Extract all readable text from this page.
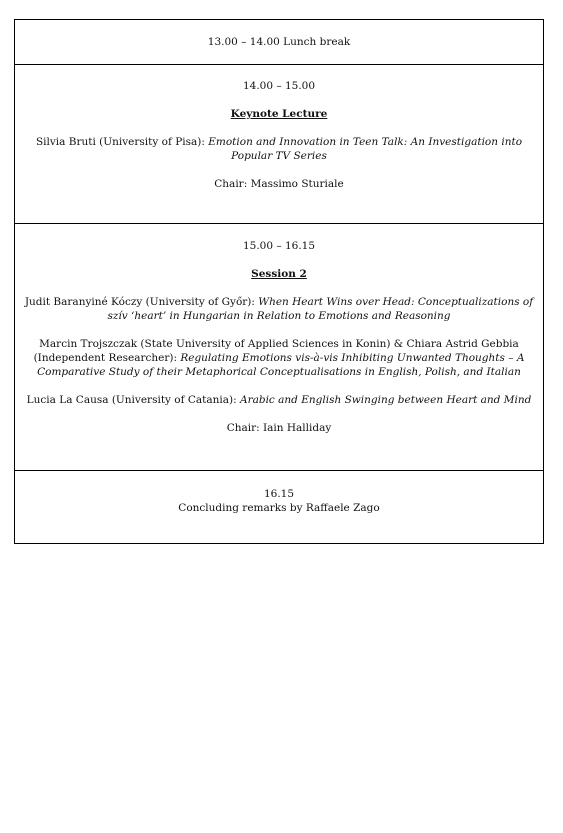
13.00 – 14.00 Lunch break

14.00 – 15.00

Keynote Lecture

Silvia Bruti (University of Pisa): Emotion and Innovation in Teen Talk: An Investigation into Popular TV Series

Chair: Massimo Sturiale

15.00 – 16.15

Session 2

Judit Baranyiné Kóczy (University of Győr): When Heart Wins over Head: Conceptualizations of szív ‘heart’ in Hungarian in Relation to Emotions and Reasoning

Marcin Trojszczak (State University of Applied Sciences in Konin) & Chiara Astrid Gebbia (Independent Researcher): Regulating Emotions vis-à-vis Inhibiting Unwanted Thoughts – A Comparative Study of their Metaphorical Conceptualisations in English, Polish, and Italian

Lucia La Causa (University of Catania): Arabic and English Swinging between Heart and Mind

Chair: Iain Halliday

16.15

Concluding remarks by Raffaele Zago
